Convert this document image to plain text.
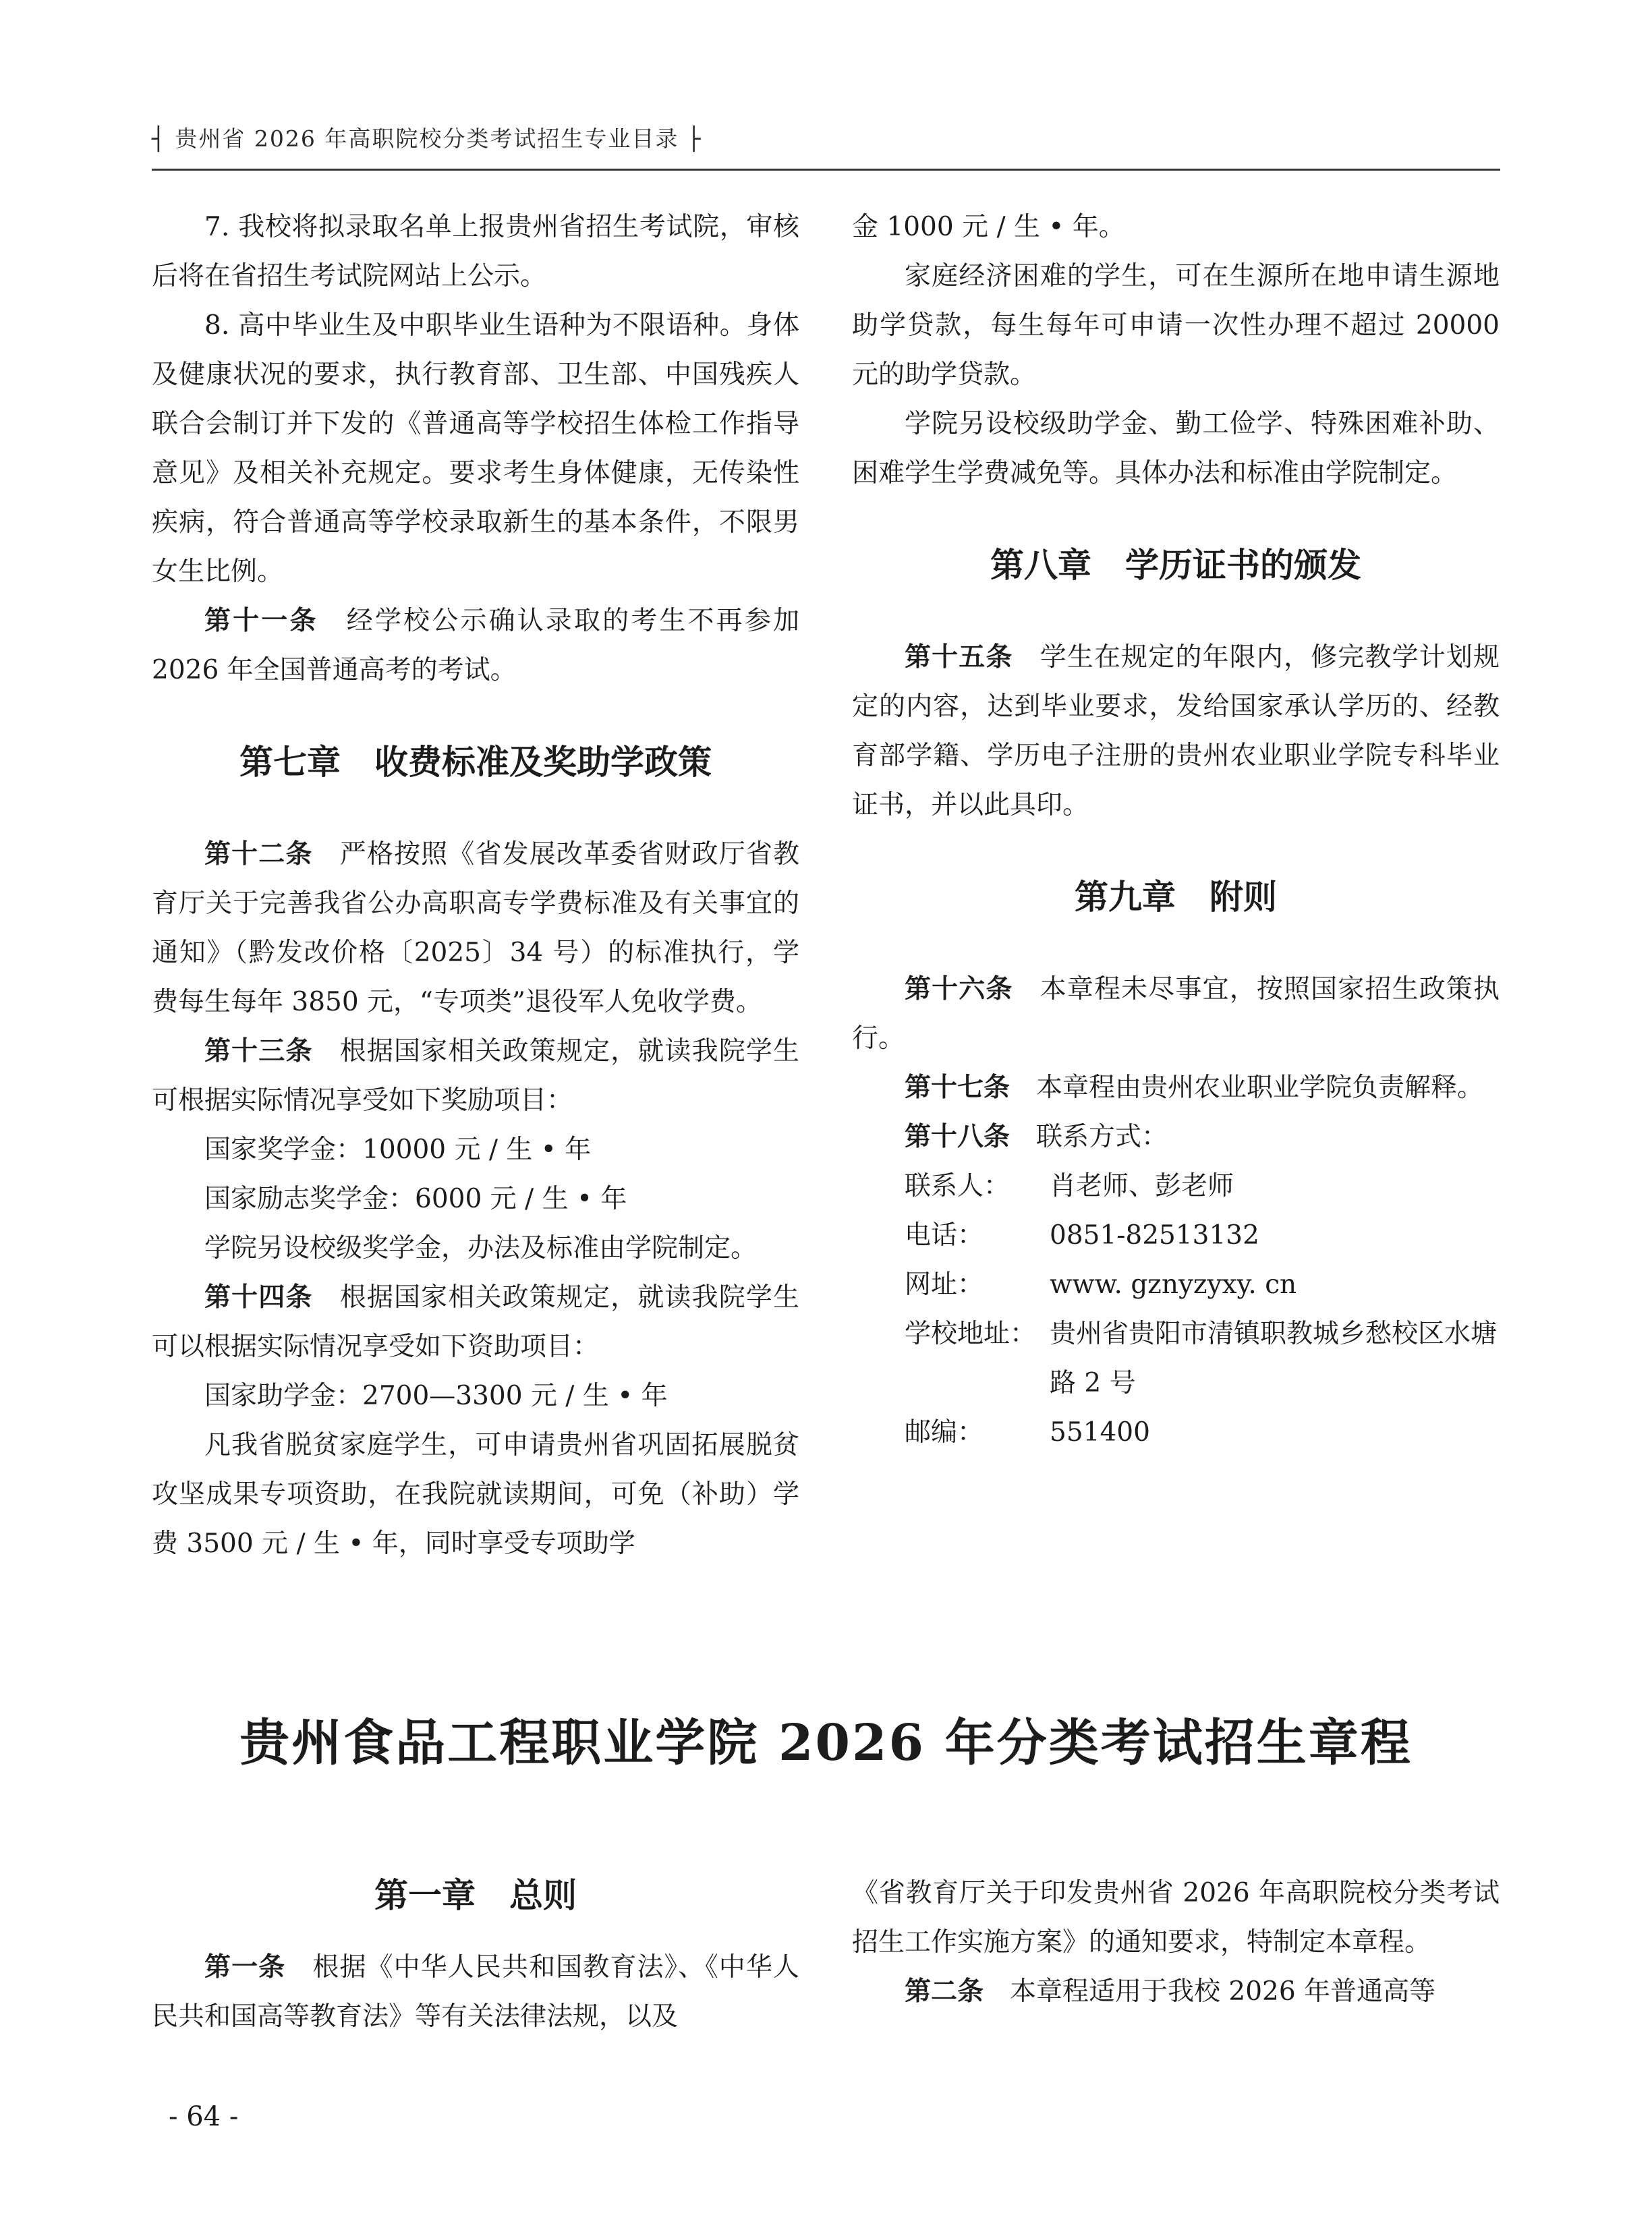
┤ 贵州省 2026 年高职院校分类考试招生专业目录 ├

7. 我校将拟录取名单上报贵州省招生考试院，审核后将在省招生考试院网站上公示。

8. 高中毕业生及中职毕业生语种为不限语种。身体及健康状况的要求，执行教育部、卫生部、中国残疾人联合会制订并下发的《普通高等学校招生体检工作指导意见》及相关补充规定。要求考生身体健康，无传染性疾病，符合普通高等学校录取新生的基本条件，不限男女生比例。

第十一条　 经学校公示确认录取的考生不再参加 2026 年全国普通高考的考试。

第七章 收费标准及奖助学政策

第十二条　 严格按照《省发展改革委省财政厅省教育厅关于完善我省公办高职高专学费标准及有关事宜的通知》（黔发改价格〔2025〕34 号）的标准执行，学费每生每年 3850 元，“专项类”退役军人免收学费。

第十三条　 根据国家相关政策规定，就读我院学生可根据实际情况享受如下奖励项目：

国家奖学金：10000 元 / 生 • 年

国家励志奖学金：6000 元 / 生 • 年

学院另设校级奖学金，办法及标准由学院制定。

第十四条　 根据国家相关政策规定，就读我院学生可以根据实际情况享受如下资助项目：

国家助学金：2700—3300 元 / 生 • 年

凡我省脱贫家庭学生，可申请贵州省巩固拓展脱贫攻坚成果专项资助，在我院就读期间，可免（补助）学费 3500 元 / 生 • 年，同时享受专项助学

金 1000 元 / 生 • 年。

家庭经济困难的学生，可在生源所在地申请生源地助学贷款，每生每年可申请一次性办理不超过 20000 元的助学贷款。

学院另设校级助学金、勤工俭学、特殊困难补助、困难学生学费减免等。具体办法和标准由学院制定。

第八章 学历证书的颁发

第十五条　 学生在规定的年限内，修完教学计划规定的内容，达到毕业要求，发给国家承认学历的、经教育部学籍、学历电子注册的贵州农业职业学院专科毕业证书，并以此具印。

第九章 附则

第十六条　 本章程未尽事宜，按照国家招生政策执行。

第十七条　 本章程由贵州农业职业学院负责解释。

第十八条　 联系方式：

联系人：	肖老师、彭老师
电话：	0851-82513132
网址：	www. gznyzyxy. cn
学校地址： 贵州省贵阳市清镇职教城乡愁校区水塘路 2 号
邮编：	551400
贵州食品工程职业学院 2026 年分类考试招生章程
第一章 总则

第一条　 根据《中华人民共和国教育法》、《中华人民共和国高等教育法》等有关法律法规，以及

《省教育厅关于印发贵州省 2026 年高职院校分类考试招生工作实施方案》的通知要求，特制定本章程。

第二条　 本章程适用于我校 2026 年普通高等

- 64 -
